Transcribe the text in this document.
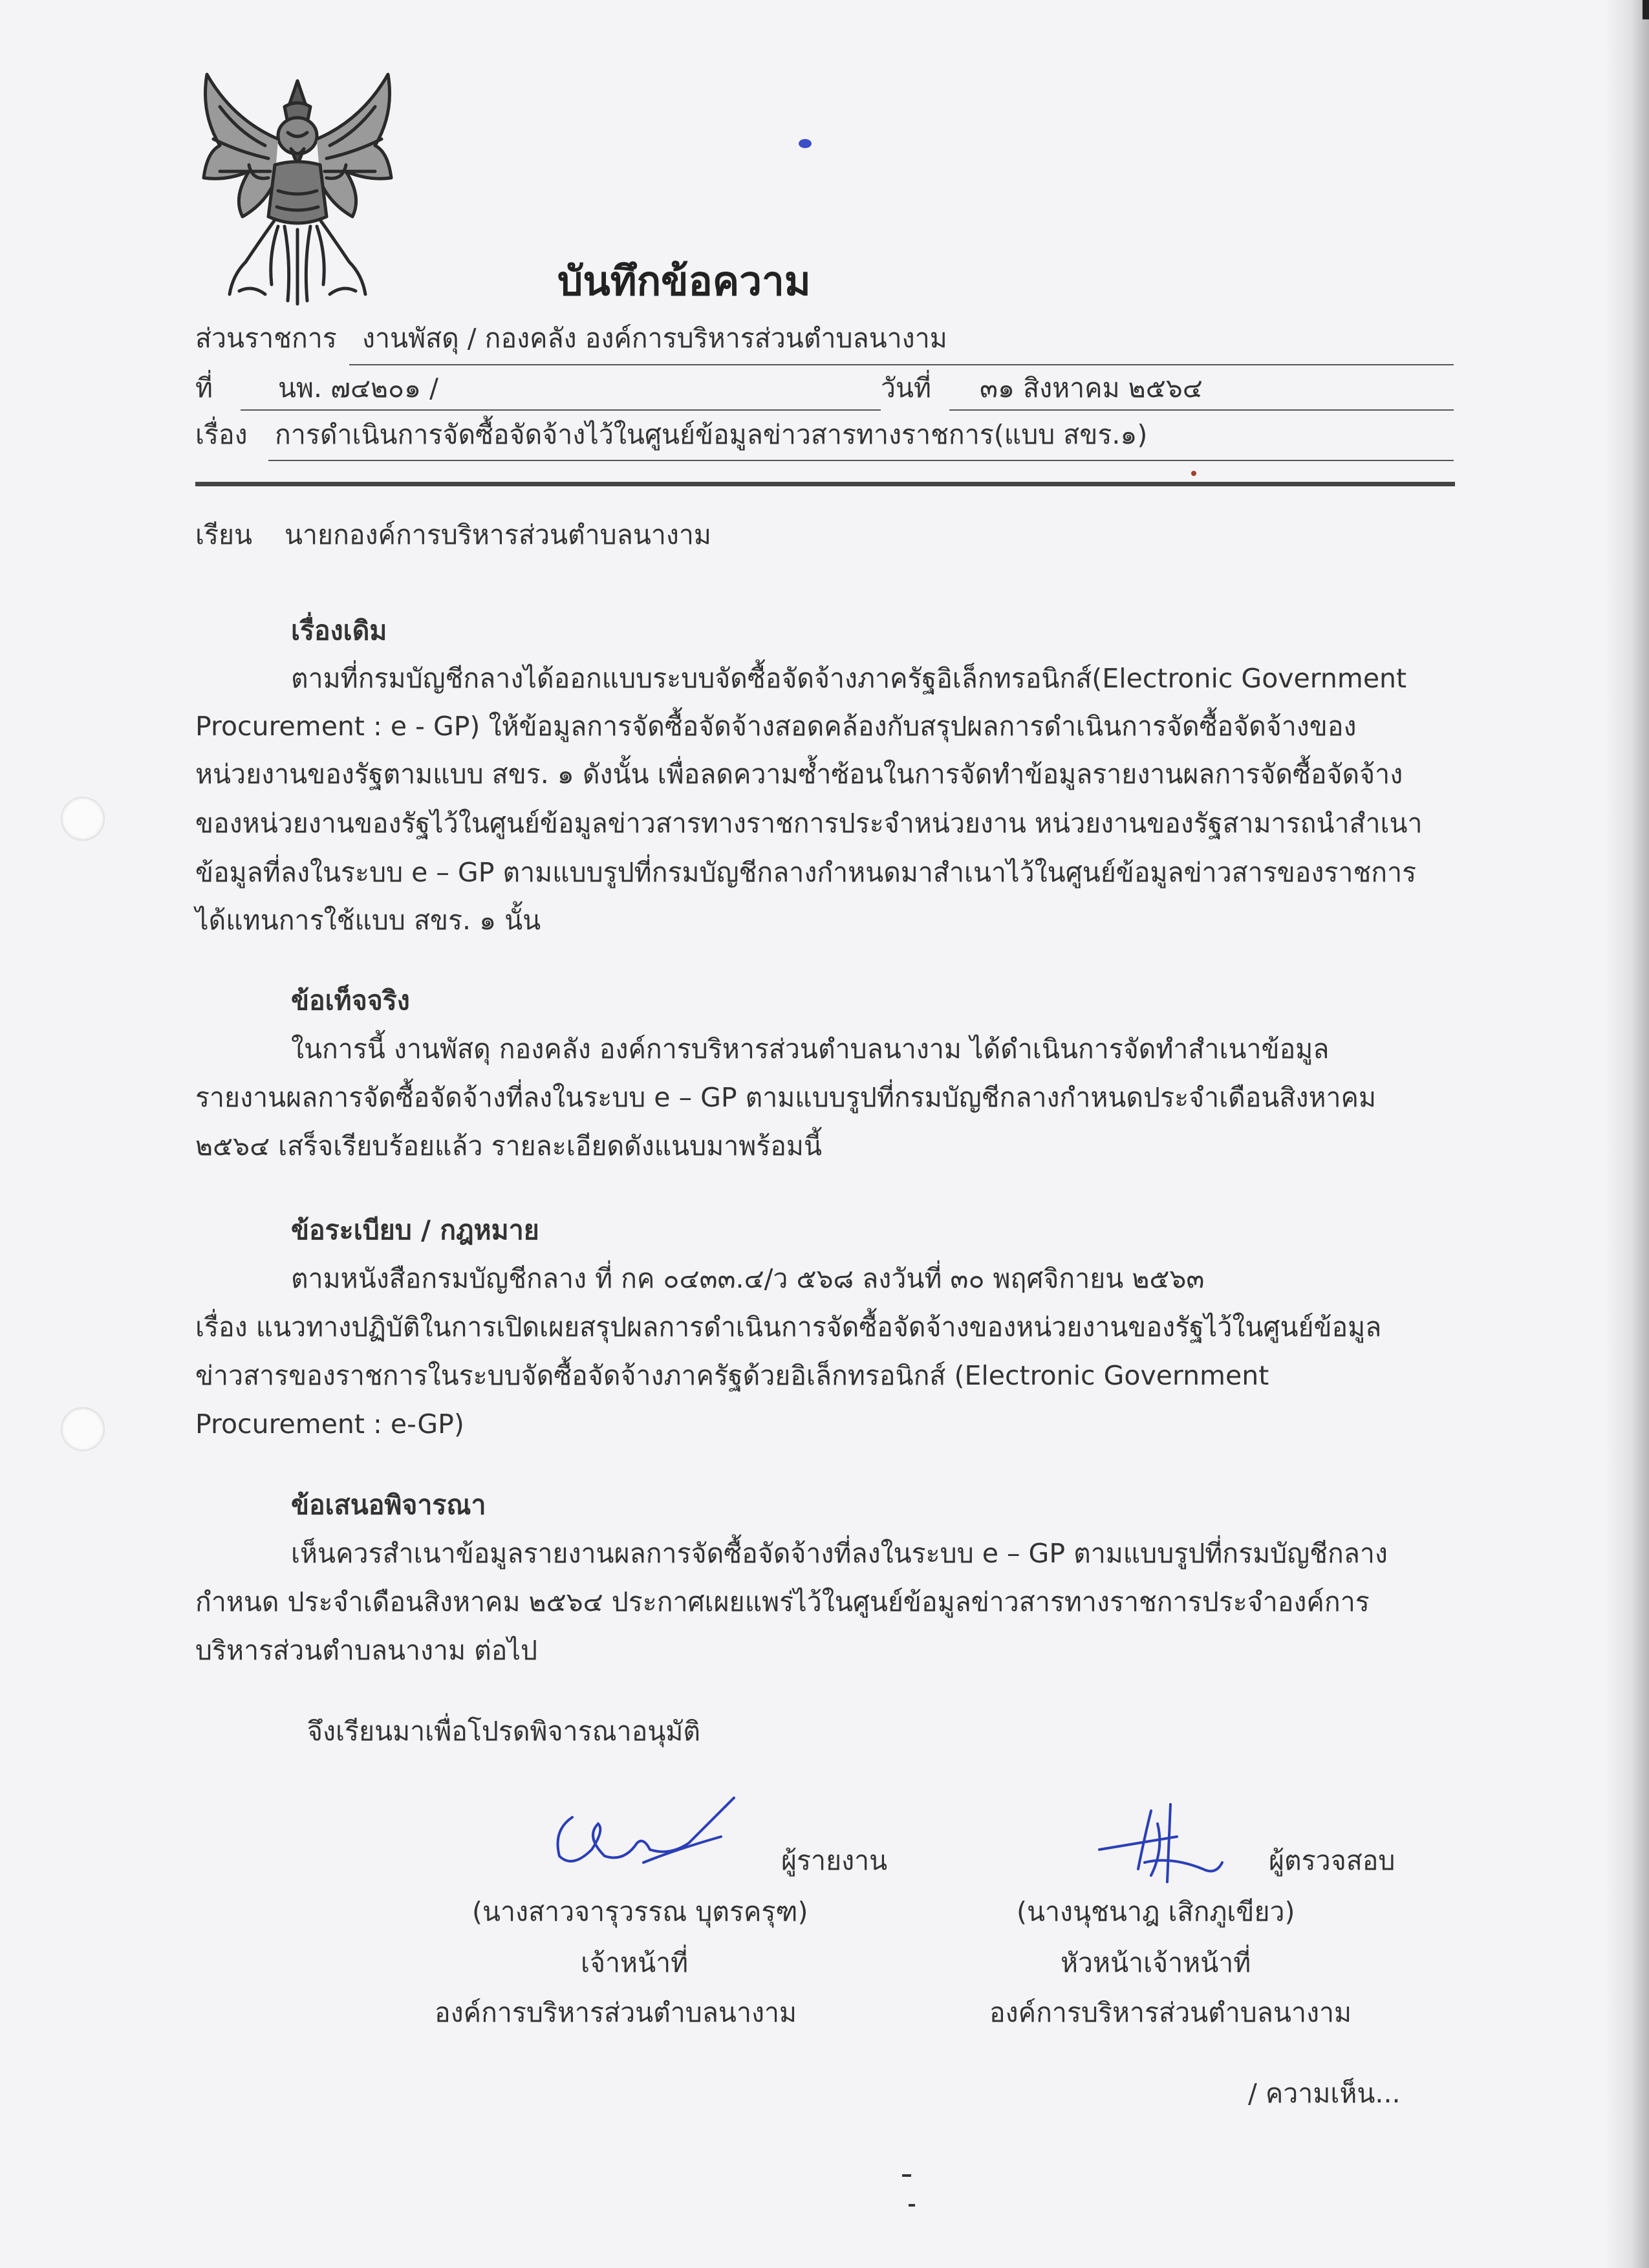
บันทึกข้อความ
ส่วนราชการ งานพัสดุ / กองคลัง องค์การบริหารส่วนตำบลนางาม
ที่ นพ. ๗๔๒๐๑ /	วันที่ ๓๑ สิงหาคม ๒๕๖๔
เรื่อง การดำเนินการจัดซื้อจัดจ้างไว้ในศูนย์ข้อมูลข่าวสารทางราชการ(แบบ สขร.๑)
เรียน นายกองค์การบริหารส่วนตำบลนางาม
เรื่องเดิม
ตามที่กรมบัญชีกลางได้ออกแบบระบบจัดซื้อจัดจ้างภาครัฐอิเล็กทรอนิกส์(Electronic Government
Procurement : e - GP) ให้ข้อมูลการจัดซื้อจัดจ้างสอดคล้องกับสรุปผลการดำเนินการจัดซื้อจัดจ้างของ
หน่วยงานของรัฐตามแบบ สขร. ๑ ดังนั้น เพื่อลดความซ้ำซ้อนในการจัดทำข้อมูลรายงานผลการจัดซื้อจัดจ้าง
ของหน่วยงานของรัฐไว้ในศูนย์ข้อมูลข่าวสารทางราชการประจำหน่วยงาน หน่วยงานของรัฐสามารถนำสำเนา
ข้อมูลที่ลงในระบบ e – GP ตามแบบรูปที่กรมบัญชีกลางกำหนดมาสำเนาไว้ในศูนย์ข้อมูลข่าวสารของราชการ
ได้แทนการใช้แบบ สขร. ๑ นั้น
ข้อเท็จจริง
ในการนี้ งานพัสดุ กองคลัง องค์การบริหารส่วนตำบลนางาม ได้ดำเนินการจัดทำสำเนาข้อมูล
รายงานผลการจัดซื้อจัดจ้างที่ลงในระบบ e – GP ตามแบบรูปที่กรมบัญชีกลางกำหนดประจำเดือนสิงหาคม
๒๕๖๔ เสร็จเรียบร้อยแล้ว รายละเอียดดังแนบมาพร้อมนี้
ข้อระเบียบ / กฎหมาย
ตามหนังสือกรมบัญชีกลาง ที่ กค ๐๔๓๓.๔/ว ๕๖๘ ลงวันที่ ๓๐ พฤศจิกายน ๒๕๖๓
เรื่อง แนวทางปฏิบัติในการเปิดเผยสรุปผลการดำเนินการจัดซื้อจัดจ้างของหน่วยงานของรัฐไว้ในศูนย์ข้อมูล
ข่าวสารของราชการในระบบจัดซื้อจัดจ้างภาครัฐด้วยอิเล็กทรอนิกส์ (Electronic Government
Procurement : e-GP)
ข้อเสนอพิจารณา
เห็นควรสำเนาข้อมูลรายงานผลการจัดซื้อจัดจ้างที่ลงในระบบ e – GP ตามแบบรูปที่กรมบัญชีกลาง
กำหนด ประจำเดือนสิงหาคม ๒๕๖๔ ประกาศเผยแพร่ไว้ในศูนย์ข้อมูลข่าวสารทางราชการประจำองค์การ
บริหารส่วนตำบลนางาม ต่อไป
จึงเรียนมาเพื่อโปรดพิจารณาอนุมัติ
ผู้รายงาน
(นางสาวจารุวรรณ บุตรครุฑ)
เจ้าหน้าที่
องค์การบริหารส่วนตำบลนางาม
ผู้ตรวจสอบ
(นางนุชนาฎ เสิกภูเขียว)
หัวหน้าเจ้าหน้าที่
องค์การบริหารส่วนตำบลนางาม
/ ความเห็น...
